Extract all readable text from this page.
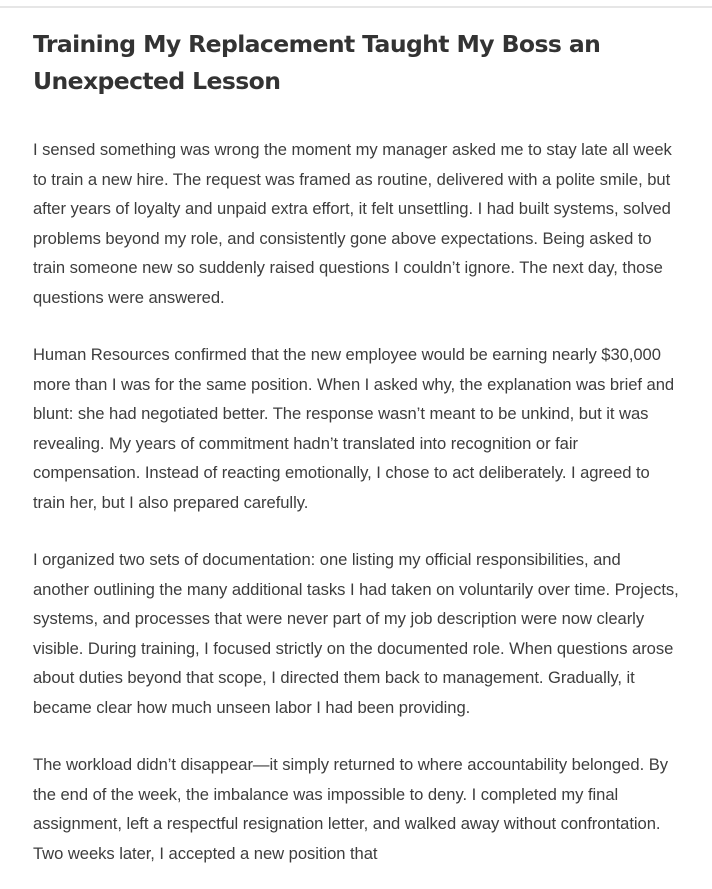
Training My Replacement Taught My Boss an Unexpected Lesson

I sensed something was wrong the moment my manager asked me to stay late all week to train a new hire. The request was framed as routine, delivered with a polite smile, but after years of loyalty and unpaid extra effort, it felt unsettling. I had built systems, solved problems beyond my role, and consistently gone above expectations. Being asked to train someone new so suddenly raised questions I couldn’t ignore. The next day, those questions were answered.

Human Resources confirmed that the new employee would be earning nearly $30,000 more than I was for the same position. When I asked why, the explanation was brief and blunt: she had negotiated better. The response wasn’t meant to be unkind, but it was revealing. My years of commitment hadn’t translated into recognition or fair compensation. Instead of reacting emotionally, I chose to act deliberately. I agreed to train her, but I also prepared carefully.

I organized two sets of documentation: one listing my official responsibilities, and another outlining the many additional tasks I had taken on voluntarily over time. Projects, systems, and processes that were never part of my job description were now clearly visible. During training, I focused strictly on the documented role. When questions arose about duties beyond that scope, I directed them back to management. Gradually, it became clear how much unseen labor I had been providing.

The workload didn’t disappear—it simply returned to where accountability belonged. By the end of the week, the imbalance was impossible to deny. I completed my final assignment, left a respectful resignation letter, and walked away without confrontation. Two weeks later, I accepted a new position that
